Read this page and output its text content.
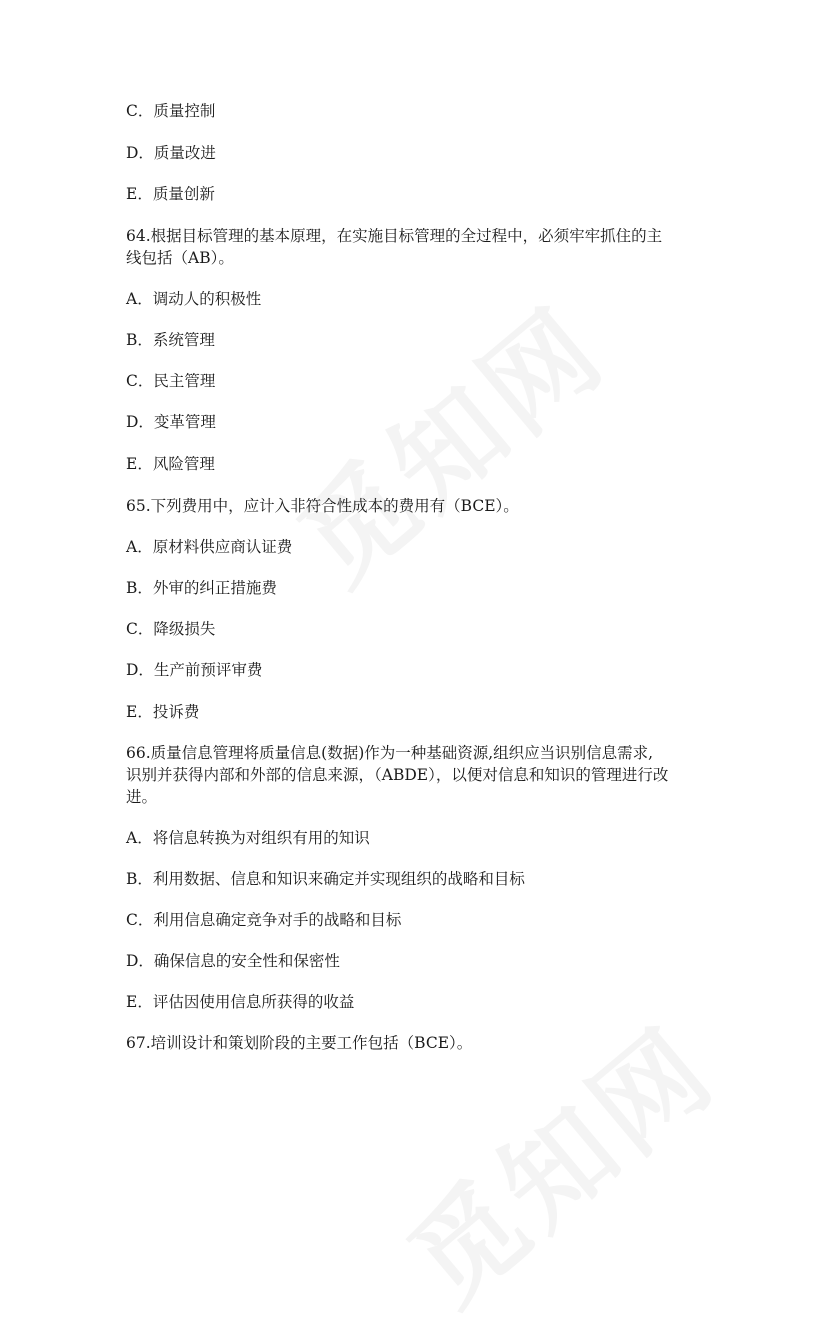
C．质量控制
D．质量改进
E．质量创新
64.根据目标管理的基本原理，在实施目标管理的全过程中，必须牢牢抓住的主
线包括（AB）。
A．调动人的积极性
B．系统管理
C．民主管理
D．变革管理
E．风险管理
65.下列费用中，应计入非符合性成本的费用有（BCE）。
A．原材料供应商认证费
B．外审的纠正措施费
C．降级损失
D．生产前预评审费
E．投诉费
66.质量信息管理将质量信息(数据)作为一种基础资源,组织应当识别信息需求,
识别并获得内部和外部的信息来源，（ABDE），以便对信息和知识的管理进行改
进。
A．将信息转换为对组织有用的知识
B．利用数据、信息和知识来确定并实现组织的战略和目标
C．利用信息确定竞争对手的战略和目标
D．确保信息的安全性和保密性
E．评估因使用信息所获得的收益
67.培训设计和策划阶段的主要工作包括（BCE）。
